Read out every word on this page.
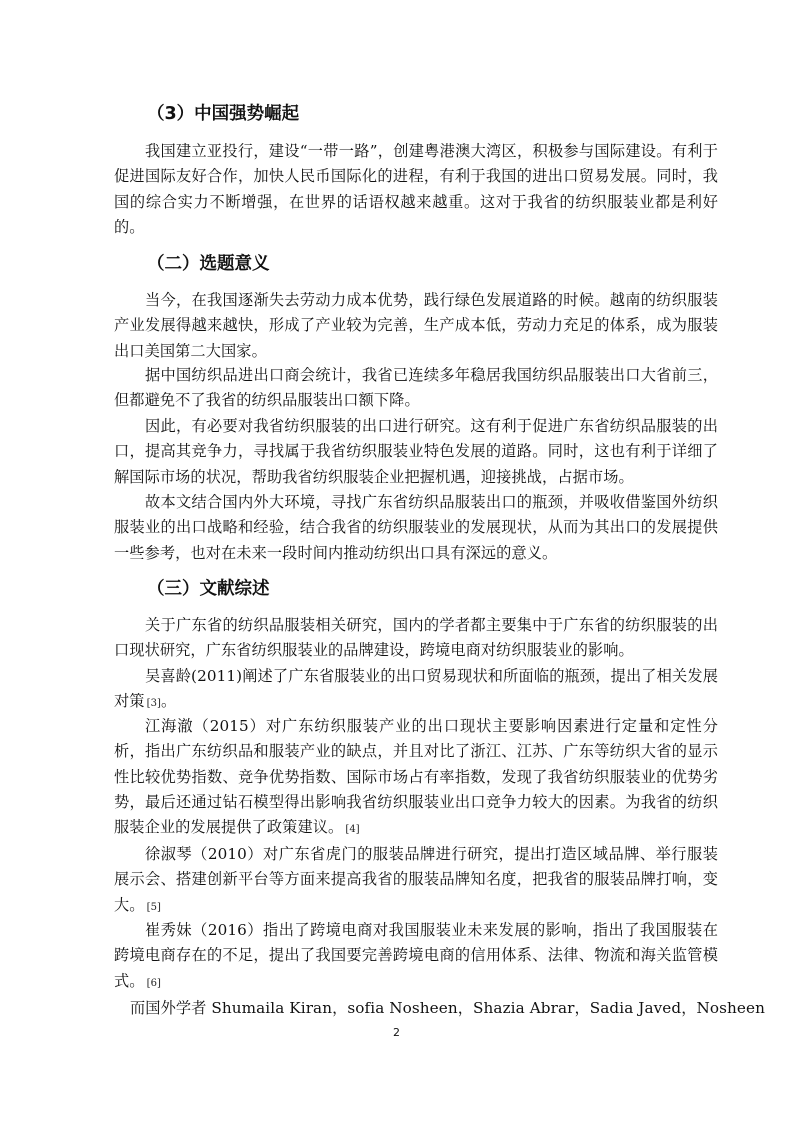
（3）中国强势崛起

我国建立亚投行，建设“一带一路”，创建粤港澳大湾区，积极参与国际建设。有利于促进国际友好合作，加快人民币国际化的进程，有利于我国的进出口贸易发展。同时，我国的综合实力不断增强，在世界的话语权越来越重。这对于我省的纺织服装业都是利好的。

（二）选题意义

当今，在我国逐渐失去劳动力成本优势，践行绿色发展道路的时候。越南的纺织服装产业发展得越来越快，形成了产业较为完善，生产成本低，劳动力充足的体系，成为服装出口美国第二大国家。

据中国纺织品进出口商会统计，我省已连续多年稳居我国纺织品服装出口大省前三，但都避免不了我省的纺织品服装出口额下降。

因此，有必要对我省纺织服装的出口进行研究。这有利于促进广东省纺织品服装的出口，提高其竞争力，寻找属于我省纺织服装业特色发展的道路。同时，这也有利于详细了解国际市场的状况，帮助我省纺织服装企业把握机遇，迎接挑战，占据市场。

故本文结合国内外大环境，寻找广东省纺织品服装出口的瓶颈，并吸收借鉴国外纺织服装业的出口战略和经验，结合我省的纺织服装业的发展现状，从而为其出口的发展提供一些参考，也对在未来一段时间内推动纺织出口具有深远的意义。

（三）文献综述

关于广东省的纺织品服装相关研究，国内的学者都主要集中于广东省的纺织服装的出口现状研究，广东省纺织服装业的品牌建设，跨境电商对纺织服装业的影响。

吴喜龄(2011)阐述了广东省服装业的出口贸易现状和所面临的瓶颈，提出了相关发展对策 [3]。

江海澈（2015）对广东纺织服装产业的出口现状主要影响因素进行定量和定性分析，指出广东纺织品和服装产业的缺点，并且对比了浙江、江苏、广东等纺织大省的显示性比较优势指数、竞争优势指数、国际市场占有率指数，发现了我省纺织服装业的优势劣势，最后还通过钻石模型得出影响我省纺织服装业出口竞争力较大的因素。为我省的纺织服装企业的发展提供了政策建议。 [4]

徐淑琴（2010）对广东省虎门的服装品牌进行研究，提出打造区域品牌、举行服装展示会、搭建创新平台等方面来提高我省的服装品牌知名度，把我省的服装品牌打响，变大。 [5]

崔秀妹（2016）指出了跨境电商对我国服装业未来发展的影响，指出了我国服装在跨境电商存在的不足，提出了我国要完善跨境电商的信用体系、法律、物流和海关监管模式。 [6]

而国外学者 Shumaila Kiran，sofia Nosheen，Shazia Abrar，Sadia Javed，Nosheen

2
